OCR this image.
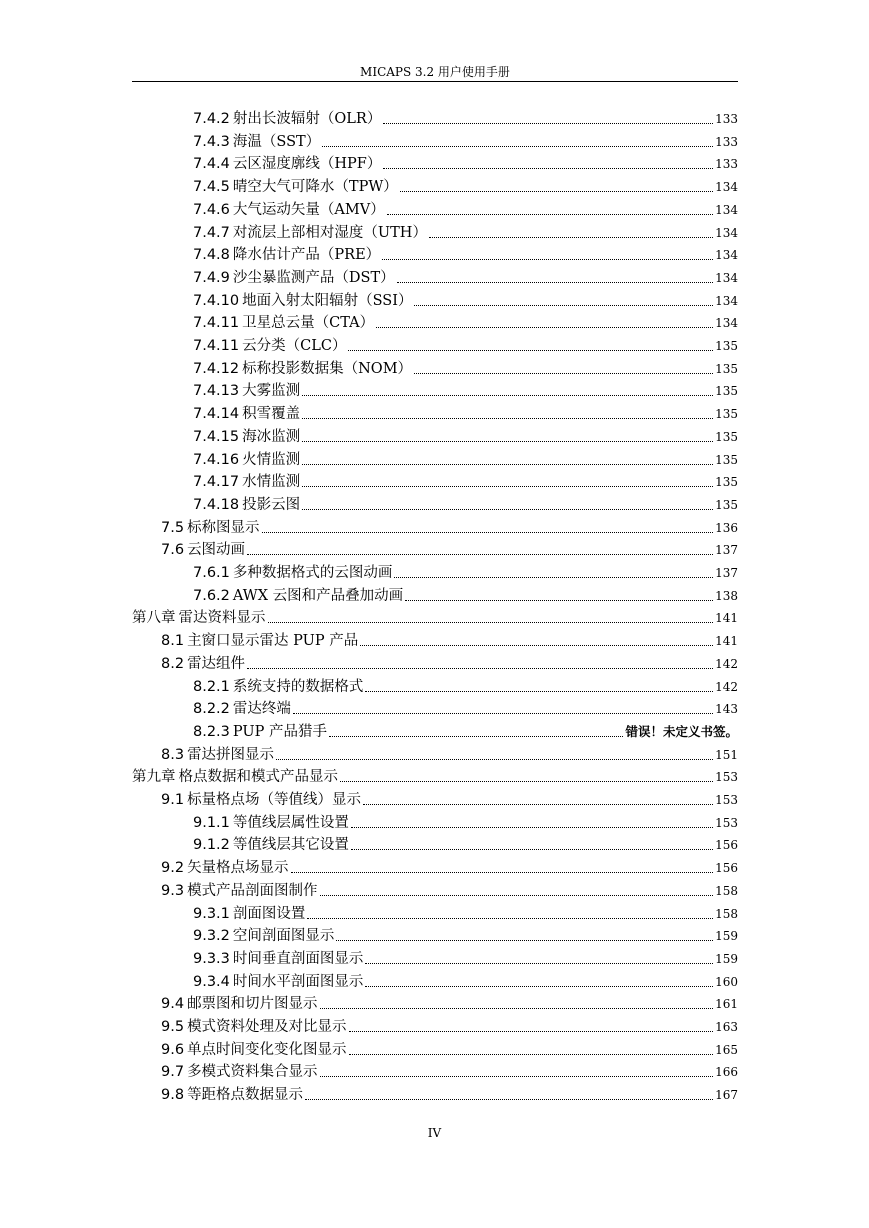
MICAPS 3.2 用户使用手册
7.4.2 射出长波辐射（OLR）	133
7.4.3 海温（SST）	133
7.4.4 云区湿度廓线（HPF）	133
7.4.5 晴空大气可降水（TPW）	134
7.4.6 大气运动矢量（AMV）	134
7.4.7 对流层上部相对湿度（UTH）	134
7.4.8 降水估计产品（PRE）	134
7.4.9 沙尘暴监测产品（DST）	134
7.4.10 地面入射太阳辐射（SSI）	134
7.4.11 卫星总云量（CTA）	134
7.4.11 云分类（CLC）	135
7.4.12 标称投影数据集（NOM）	135
7.4.13 大雾监测	135
7.4.14 积雪覆盖	135
7.4.15 海冰监测	135
7.4.16 火情监测	135
7.4.17 水情监测	135
7.4.18 投影云图	135
7.5 标称图显示	136
7.6 云图动画	137
7.6.1 多种数据格式的云图动画	137
7.6.2 AWX 云图和产品叠加动画	138
第八章 雷达资料显示	141
8.1 主窗口显示雷达 PUP 产品	141
8.2 雷达组件	142
8.2.1 系统支持的数据格式	142
8.2.2 雷达终端	143
8.2.3 PUP 产品猎手	错误！未定义书签。
8.3 雷达拼图显示	151
第九章 格点数据和模式产品显示	153
9.1 标量格点场（等值线）显示	153
9.1.1 等值线层属性设置	153
9.1.2 等值线层其它设置	156
9.2 矢量格点场显示	156
9.3 模式产品剖面图制作	158
9.3.1 剖面图设置	158
9.3.2 空间剖面图显示	159
9.3.3 时间垂直剖面图显示	159
9.3.4 时间水平剖面图显示	160
9.4 邮票图和切片图显示	161
9.5 模式资料处理及对比显示	163
9.6 单点时间变化变化图显示	165
9.7 多模式资料集合显示	166
9.8 等距格点数据显示	167
IV
